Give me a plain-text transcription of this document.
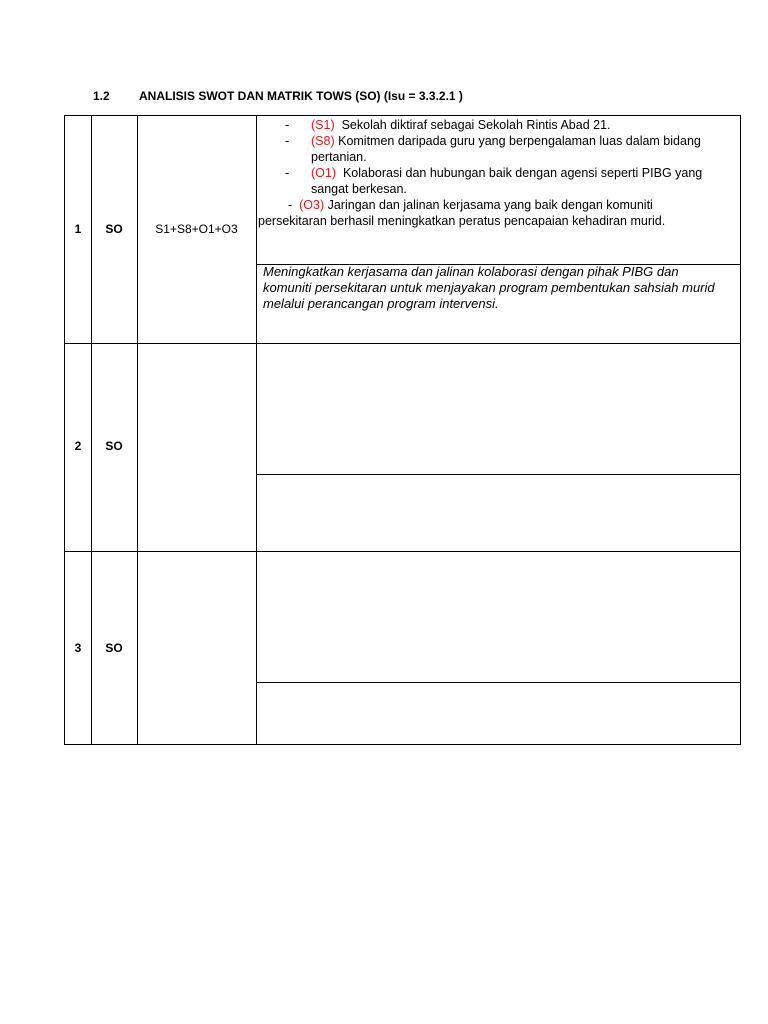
1.2 ANALISIS SWOT DAN MATRIK TOWS (SO) (Isu = 3.3.2.1 )
1	SO	S1+S8+O1+O3
- (S1) Sekolah diktiraf sebagai Sekolah Rintis Abad 21.
- (S8) Komitmen daripada guru yang berpengalaman luas dalam bidang pertanian.
- (O1) Kolaborasi dan hubungan baik dengan agensi seperti PIBG yang sangat berkesan.
- (O3) Jaringan dan jalinan kerjasama yang baik dengan komuniti persekitaran berhasil meningkatkan peratus pencapaian kehadiran murid.
Meningkatkan kerjasama dan jalinan kolaborasi dengan pihak PIBG dan komuniti persekitaran untuk menjayakan program pembentukan sahsiah murid melalui perancangan program intervensi.
2	SO
3	SO
